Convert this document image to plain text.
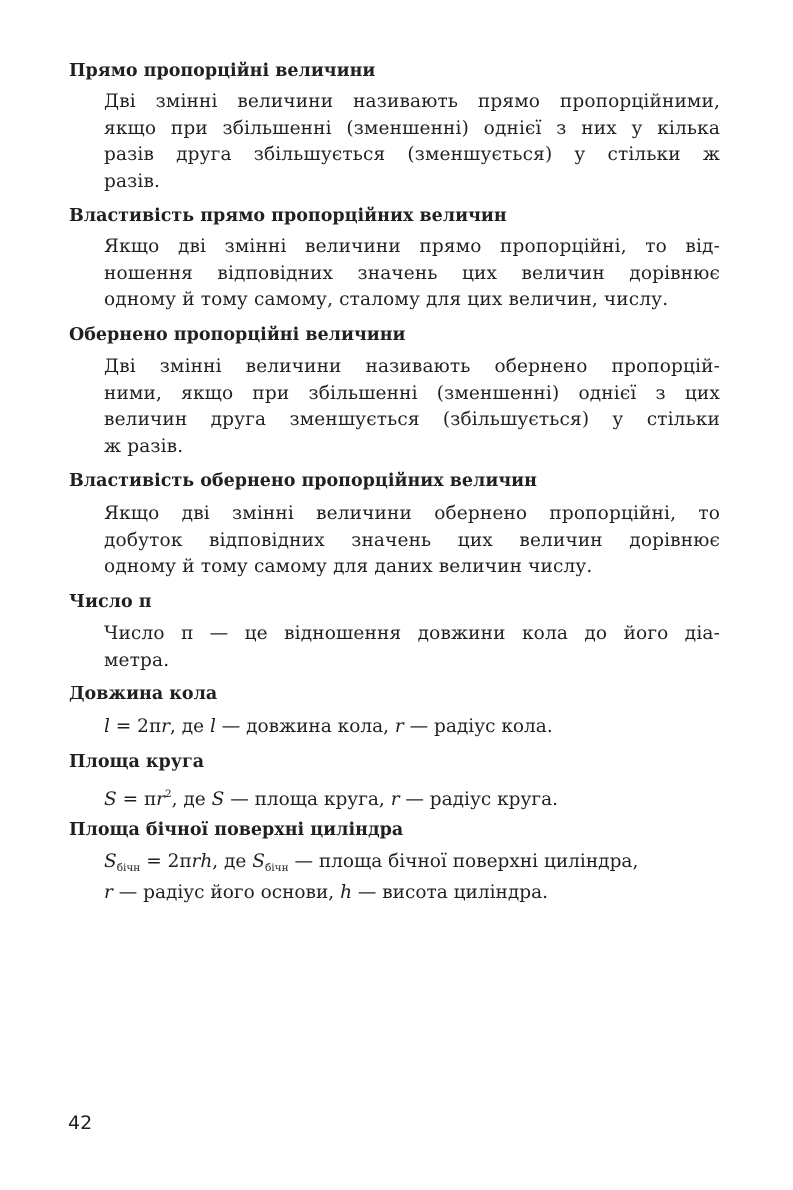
Прямо пропорційні величини

Дві змінні величини називають прямо пропорційними,
якщо при збільшенні (зменшенні) однієї з них у кілька
разів друга збільшується (зменшується) у стільки ж
разів.

Властивість прямо пропорційних величин

Якщо дві змінні величини прямо пропорційні, то від-
ношення відповідних значень цих величин дорівнює
одному й тому самому, сталому для цих величин, числу.

Обернено пропорційні величини

Дві змінні величини називають обернено пропорцій-
ними, якщо при збільшенні (зменшенні) однієї з цих
величин друга зменшується (збільшується) у стільки
ж разів.

Властивість обернено пропорційних величин

Якщо дві змінні величини обернено пропорційні, то
добуток відповідних значень цих величин дорівнює
одному й тому самому для даних величин числу.

Число π

Число π — це відношення довжини кола до його діа-
метра.

Довжина кола

l = 2πr, де l — довжина кола, r — радіус кола.

Площа круга

$S = \pi r^2$, де S — площа круга, r — радіус круга.

Площа бічної поверхні циліндра

$S_{бічн} = 2\pi rh$, де $S_{бічн}$ — площа бічної поверхні циліндра,

r — радіус його основи, h — висота циліндра.

42
